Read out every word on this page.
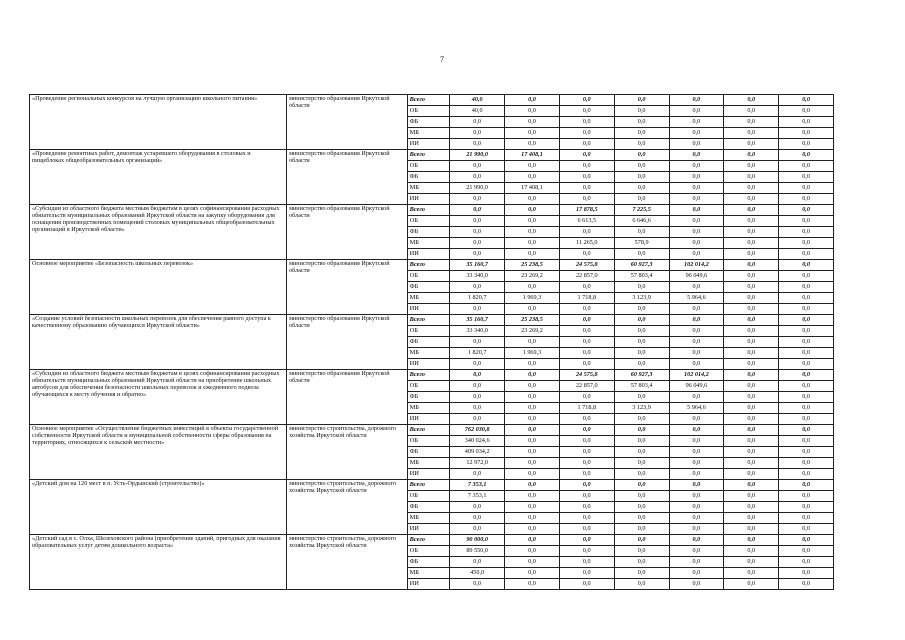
7
«Проведение региональных конкурсов на лучшую организацию школьного питания»	министерство образования Иркутской области	Всего	40,0	0,0	0,0	0,0	0,0	0,0	0,0
		ОБ	40,0	0,0	0,0	0,0	0,0	0,0	0,0
		ФБ	0,0	0,0	0,0	0,0	0,0	0,0	0,0
		МБ	0,0	0,0	0,0	0,0	0,0	0,0	0,0
		ИИ	0,0	0,0	0,0	0,0	0,0	0,0	0,0
«Проведение ремонтных работ, демонтаж устаревшего оборудования в столовых и пищеблоках общеобразовательных организаций»	министерство образования Иркутской области	Всего	21 990,0	17 408,1	0,0	0,0	0,0	0,0	0,0
		ОБ	0,0	0,0	0,0	0,0	0,0	0,0	0,0
		ФБ	0,0	0,0	0,0	0,0	0,0	0,0	0,0
		МБ	21 990,0	17 408,1	0,0	0,0	0,0	0,0	0,0
		ИИ	0,0	0,0	0,0	0,0	0,0	0,0	0,0
«Субсидии из областного бюджета местным бюджетам в целях софинансирования расходных обязательств муниципальных образований Иркутской области на закупку оборудования для оснащения производственных помещений столовых муниципальных общеобразовательных организаций в Иркутской области»	министерство образования Иркутской области	Всего	0,0	0,0	17 878,5	7 225,5	0,0	0,0	0,0
		ОБ	0,0	0,0	6 613,5	6 646,6	0,0	0,0	0,0
		ФБ	0,0	0,0	0,0	0,0	0,0	0,0	0,0
		МБ	0,0	0,0	11 265,0	578,9	0,0	0,0	0,0
		ИИ	0,0	0,0	0,0	0,0	0,0	0,0	0,0
Основное мероприятие «Безопасность школьных перевозок»	министерство образования Иркутской области	Всего	35 160,7	25 238,5	24 575,8	60 927,3	102 014,2	0,0	0,0
		ОБ	33 340,0	23 269,2	22 857,0	57 803,4	96 049,6	0,0	0,0
		ФБ	0,0	0,0	0,0	0,0	0,0	0,0	0,0
		МБ	1 820,7	1 969,3	1 718,8	3 123,9	5 964,6	0,0	0,0
		ИИ	0,0	0,0	0,0	0,0	0,0	0,0	0,0
«Создание условий безопасности школьных перевозок для обеспечения равного доступа к качественному образованию обучающихся Иркутской области»	министерство образования Иркутской области	Всего	35 160,7	25 238,5	0,0	0,0	0,0	0,0	0,0
		ОБ	33 340,0	23 269,2	0,0	0,0	0,0	0,0	0,0
		ФБ	0,0	0,0	0,0	0,0	0,0	0,0	0,0
		МБ	1 820,7	1 969,3	0,0	0,0	0,0	0,0	0,0
		ИИ	0,0	0,0	0,0	0,0	0,0	0,0	0,0
«Субсидии из областного бюджета местным бюджетам в целях софинансирования расходных обязательств муниципальных образований Иркутской области на приобретение школьных автобусов для обеспечения безопасности школьных перевозок и ежедневного подвоза обучающихся к месту обучения и обратно»	министерство образования Иркутской области	Всего	0,0	0,0	24 575,8	60 927,3	102 014,2	0,0	0,0
		ОБ	0,0	0,0	22 857,0	57 803,4	96 049,6	0,0	0,0
		ФБ	0,0	0,0	0,0	0,0	0,0	0,0	0,0
		МБ	0,0	0,0	1 718,8	3 123,9	5 964,6	0,0	0,0
		ИИ	0,0	0,0	0,0	0,0	0,0	0,0	0,0
Основное мероприятие «Осуществление бюджетных инвестиций в объекты государственной собственности Иркутской области и муниципальной собственности сферы образования на территориях, относящихся к сельской местности»	министерство строительства, дорожного хозяйства Иркутской области	Всего	762 030,8	0,0	0,0	0,0	0,0	0,0	0,0
		ОБ	340 024,6	0,0	0,0	0,0	0,0	0,0	0,0
		ФБ	409 034,2	0,0	0,0	0,0	0,0	0,0	0,0
		МБ	12 972,0	0,0	0,0	0,0	0,0	0,0	0,0
		ИИ	0,0	0,0	0,0	0,0	0,0	0,0	0,0
«Детский дом на 120 мест в п. Усть-Ордынский (строительство)»	министерство строительства, дорожного хозяйства Иркутской области	Всего	7 353,1	0,0	0,0	0,0	0,0	0,0	0,0
		ОБ	7 353,1	0,0	0,0	0,0	0,0	0,0	0,0
		ФБ	0,0	0,0	0,0	0,0	0,0	0,0	0,0
		МБ	0,0	0,0	0,0	0,0	0,0	0,0	0,0
		ИИ	0,0	0,0	0,0	0,0	0,0	0,0	0,0
«Детский сад в с. Олха, Шелеховского района (приобретение зданий, пригодных для оказания образовательных услуг детям дошкольного возраста»	министерство строительства, дорожного хозяйства Иркутской области	Всего	90 000,0	0,0	0,0	0,0	0,0	0,0	0,0
		ОБ	89 550,0	0,0	0,0	0,0	0,0	0,0	0,0
		ФБ	0,0	0,0	0,0	0,0	0,0	0,0	0,0
		МБ	450,0	0,0	0,0	0,0	0,0	0,0	0,0
		ИИ	0,0	0,0	0,0	0,0	0,0	0,0	0,0
